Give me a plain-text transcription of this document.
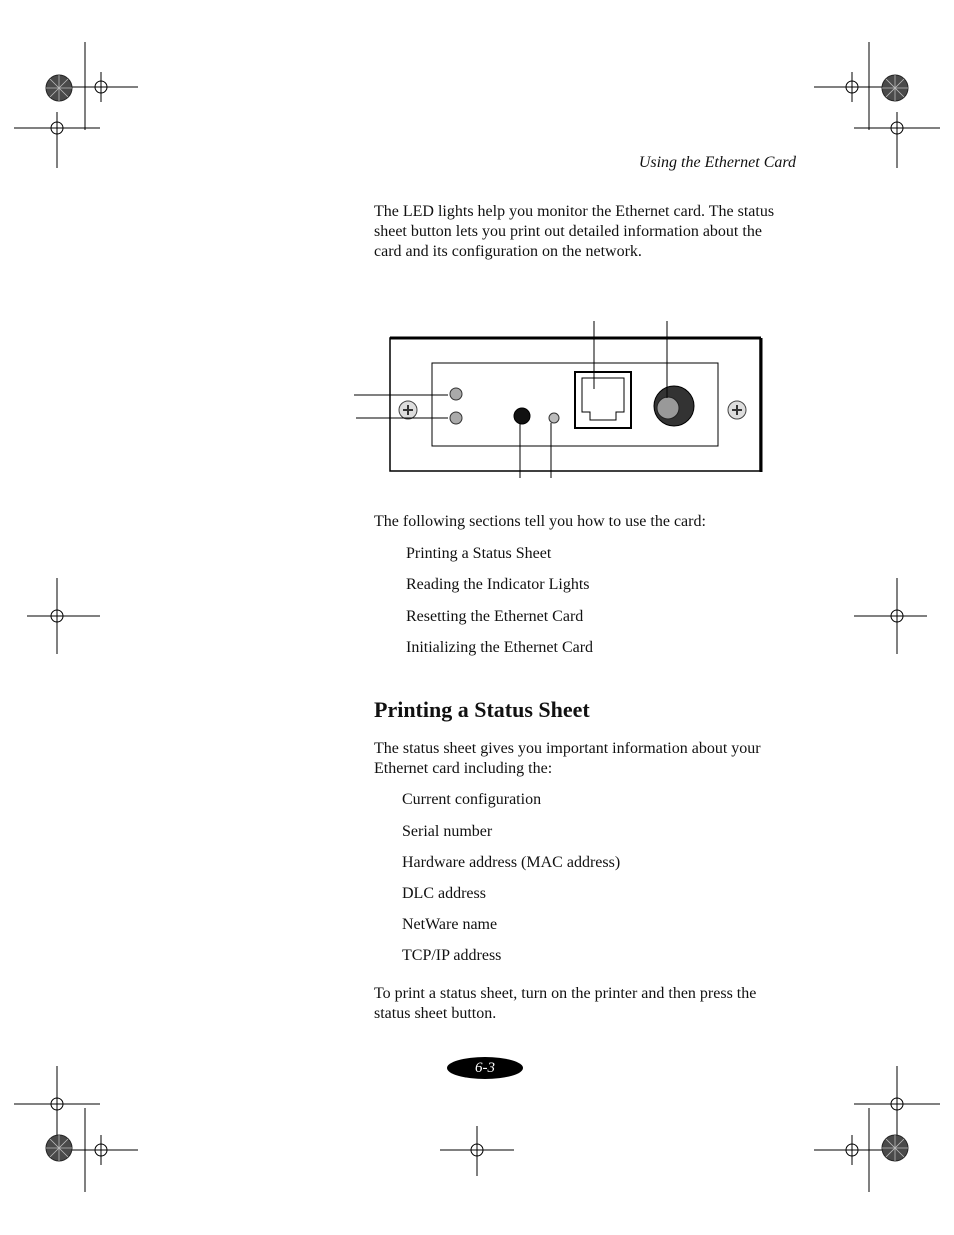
Using the Ethernet Card
The LED lights help you monitor the Ethernet card. The status
sheet button lets you print out detailed information about the
card and its configuration on the network.
The following sections tell you how to use the card:
Printing a Status Sheet
Reading the Indicator Lights
Resetting the Ethernet Card
Initializing the Ethernet Card
Printing a Status Sheet
The status sheet gives you important information about your
Ethernet card including the:
Current configuration
Serial number
Hardware address (MAC address)
DLC address
NetWare name
TCP/IP address
To print a status sheet, turn on the printer and then press the
status sheet button.
6-3
